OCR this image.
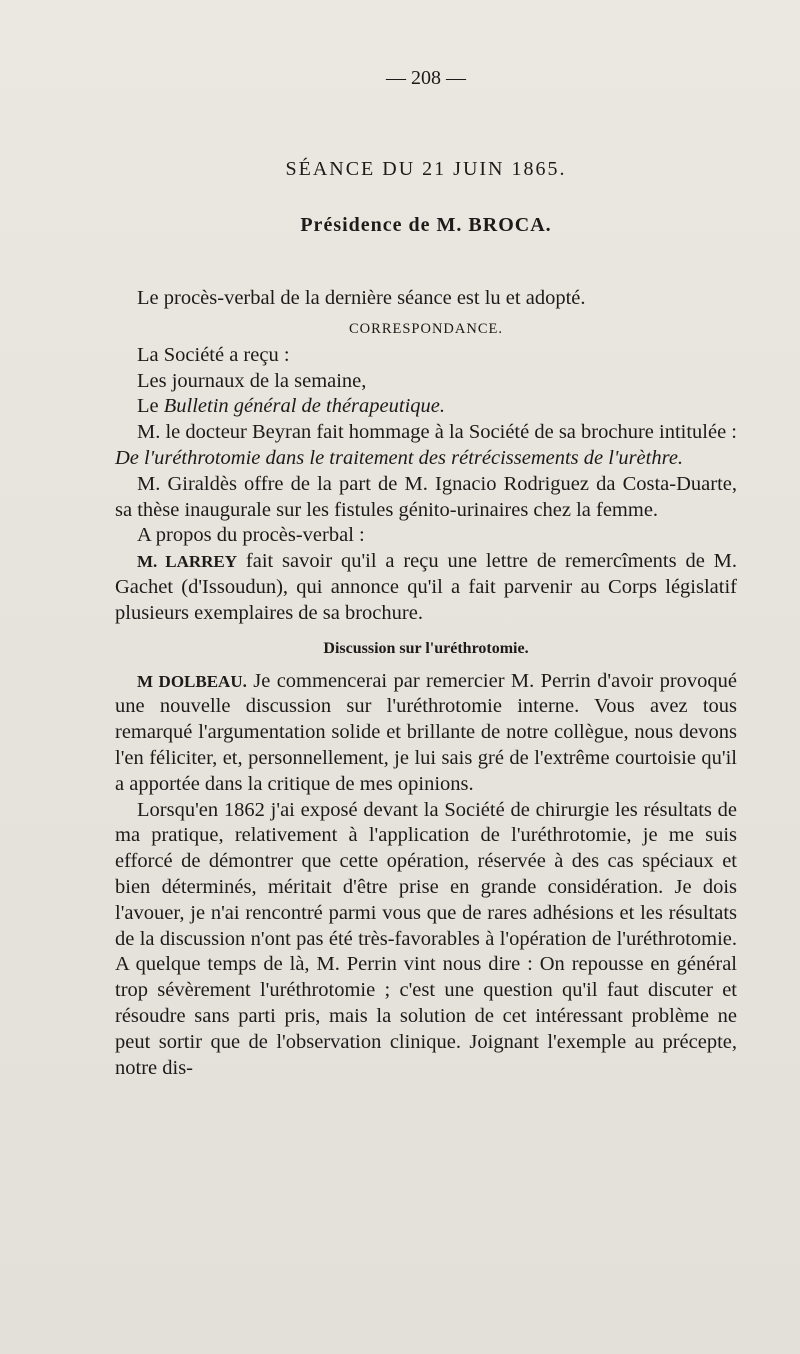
— 208 —
SÉANCE DU 21 JUIN 1865.
Présidence de M. BROCA.

Le procès-verbal de la dernière séance est lu et adopté.

CORRESPONDANCE.

La Société a reçu :

Les journaux de la semaine,

Le Bulletin général de thérapeutique.

M. le docteur Beyran fait hommage à la Société de sa brochure intitulée : De l'uréthrotomie dans le traitement des rétrécissements de l'urèthre.

M. Giraldès offre de la part de M. Ignacio Rodriguez da Costa-Duarte, sa thèse inaugurale sur les fistules génito-urinaires chez la femme.

A propos du procès-verbal :

M. LARREY fait savoir qu'il a reçu une lettre de remercîments de M. Gachet (d'Issoudun), qui annonce qu'il a fait parvenir au Corps législatif plusieurs exemplaires de sa brochure.

Discussion sur l'uréthrotomie.

M DOLBEAU. Je commencerai par remercier M. Perrin d'avoir provoqué une nouvelle discussion sur l'uréthrotomie interne. Vous avez tous remarqué l'argumentation solide et brillante de notre collègue, nous devons l'en féliciter, et, personnellement, je lui sais gré de l'extrême courtoisie qu'il a apportée dans la critique de mes opinions.

Lorsqu'en 1862 j'ai exposé devant la Société de chirurgie les résultats de ma pratique, relativement à l'application de l'uréthrotomie, je me suis efforcé de démontrer que cette opération, réservée à des cas spéciaux et bien déterminés, méritait d'être prise en grande considération. Je dois l'avouer, je n'ai rencontré parmi vous que de rares adhésions et les résultats de la discussion n'ont pas été très-favorables à l'opération de l'uréthrotomie. A quelque temps de là, M. Perrin vint nous dire : On repousse en général trop sévèrement l'uréthrotomie ; c'est une question qu'il faut discuter et résoudre sans parti pris, mais la solution de cet intéressant problème ne peut sortir que de l'observation clinique. Joignant l'exemple au précepte, notre dis-
